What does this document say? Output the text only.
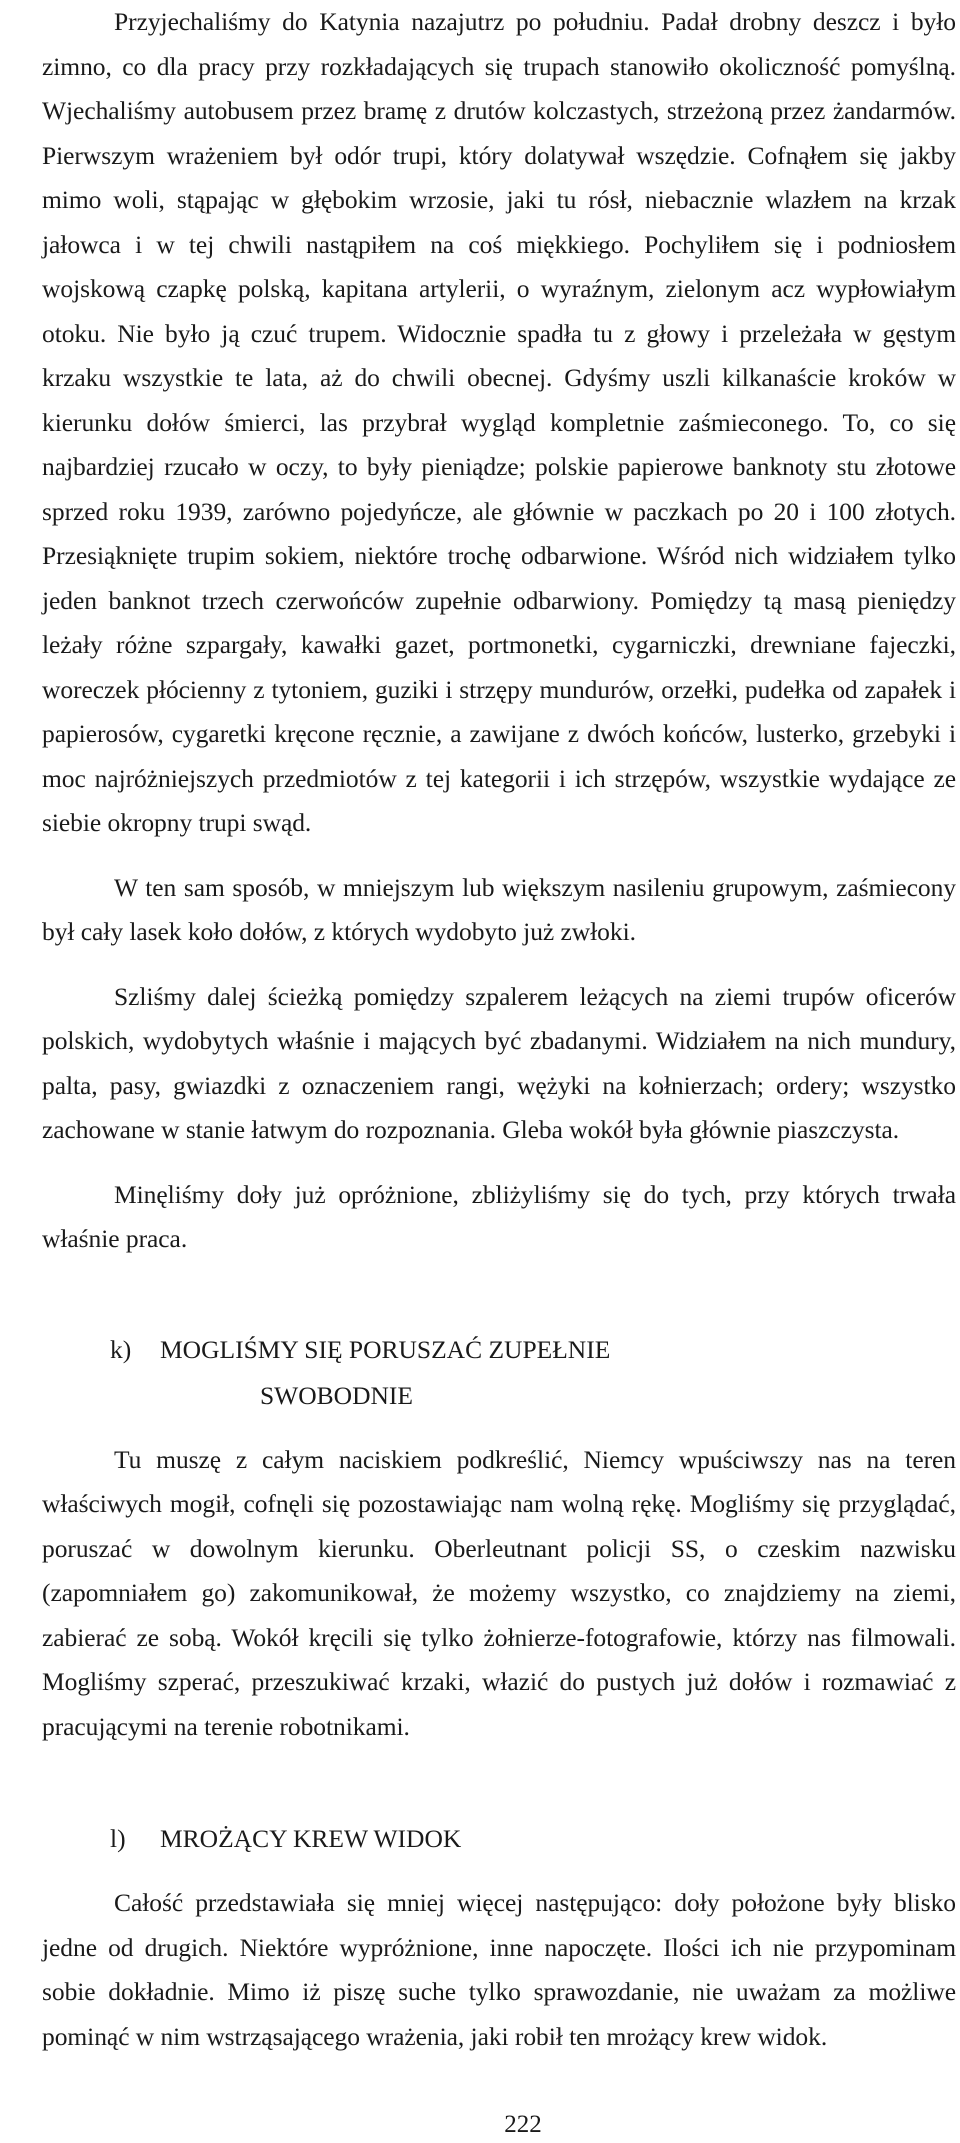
Przyjechaliśmy do Katynia nazajutrz po południu. Padał drobny deszcz i było zimno, co dla pracy przy rozkładających się trupach stanowiło okoliczność pomyślną. Wjechaliśmy autobusem przez bramę z drutów kolczastych, strzeżoną przez żandarmów. Pierwszym wrażeniem był odór trupi, który dolatywał wszędzie. Cofnąłem się jakby mimo woli, stąpając w głębokim wrzosie, jaki tu rósł, niebacznie wlazłem na krzak jałowca i w tej chwili nastąpiłem na coś miękkiego. Pochyliłem się i podniosłem wojskową czapkę polską, kapitana artylerii, o wyraźnym, zielonym acz wypłowiałym otoku. Nie było ją czuć trupem. Widocznie spadła tu z głowy i przeleżała w gęstym krzaku wszystkie te lata, aż do chwili obecnej. Gdyśmy uszli kilkanaście kroków w kierunku dołów śmierci, las przybrał wygląd kompletnie zaśmieconego. To, co się najbardziej rzucało w oczy, to były pieniądze; polskie papierowe banknoty stu złotowe sprzed roku 1939, zarówno pojedyńcze, ale głównie w paczkach po 20 i 100 złotych. Przesiąknięte trupim sokiem, niektóre trochę odbarwione. Wśród nich widziałem tylko jeden banknot trzech czerwońców zupełnie odbarwiony. Pomiędzy tą masą pieniędzy leżały różne szpargały, kawałki gazet, portmonetki, cygarniczki, drewniane fajeczki, woreczek płócienny z tytoniem, guziki i strzępy mundurów, orzełki, pudełka od zapałek i papierosów, cygaretki kręcone ręcznie, a zawijane z dwóch końców, lusterko, grzebyki i moc najróżniejszych przedmiotów z tej kategorii i ich strzępów, wszystkie wydające ze siebie okropny trupi swąd.

W ten sam sposób, w mniejszym lub większym nasileniu grupowym, zaśmiecony był cały lasek koło dołów, z których wydobyto już zwłoki.

Szliśmy dalej ścieżką pomiędzy szpalerem leżących na ziemi trupów oficerów polskich, wydobytych właśnie i mających być zbadanymi. Widziałem na nich mundury, palta, pasy, gwiazdki z oznaczeniem rangi, wężyki na kołnierzach; ordery; wszystko zachowane w stanie łatwym do rozpoznania. Gleba wokół była głównie piaszczysta.

Minęliśmy doły już opróżnione, zbliżyliśmy się do tych, przy których trwała właśnie praca.

k) MOGLIŚMY SIĘ PORUSZAĆ ZUPEŁNIE

SWOBODNIE

Tu muszę z całym naciskiem podkreślić, Niemcy wpuściwszy nas na teren właściwych mogił, cofnęli się pozostawiając nam wolną rękę. Mogliśmy się przyglądać, poruszać w dowolnym kierunku. Oberleutnant policji SS, o czeskim nazwisku (zapomniałem go) zakomunikował, że możemy wszystko, co znajdziemy na ziemi, zabierać ze sobą. Wokół kręcili się tylko żołnierze-fotografowie, którzy nas filmowali. Mogliśmy szperać, przeszukiwać krzaki, włazić do pustych już dołów i rozmawiać z pracującymi na terenie robotnikami.

l) MROŻĄCY KREW WIDOK

Całość przedstawiała się mniej więcej następująco: doły położone były blisko jedne od drugich. Niektóre wypróżnione, inne napoczęte. Ilości ich nie przypominam sobie dokładnie. Mimo iż piszę suche tylko sprawozdanie, nie uważam za możliwe pominąć w nim wstrząsającego wrażenia, jaki robił ten mrożący krew widok.

222
